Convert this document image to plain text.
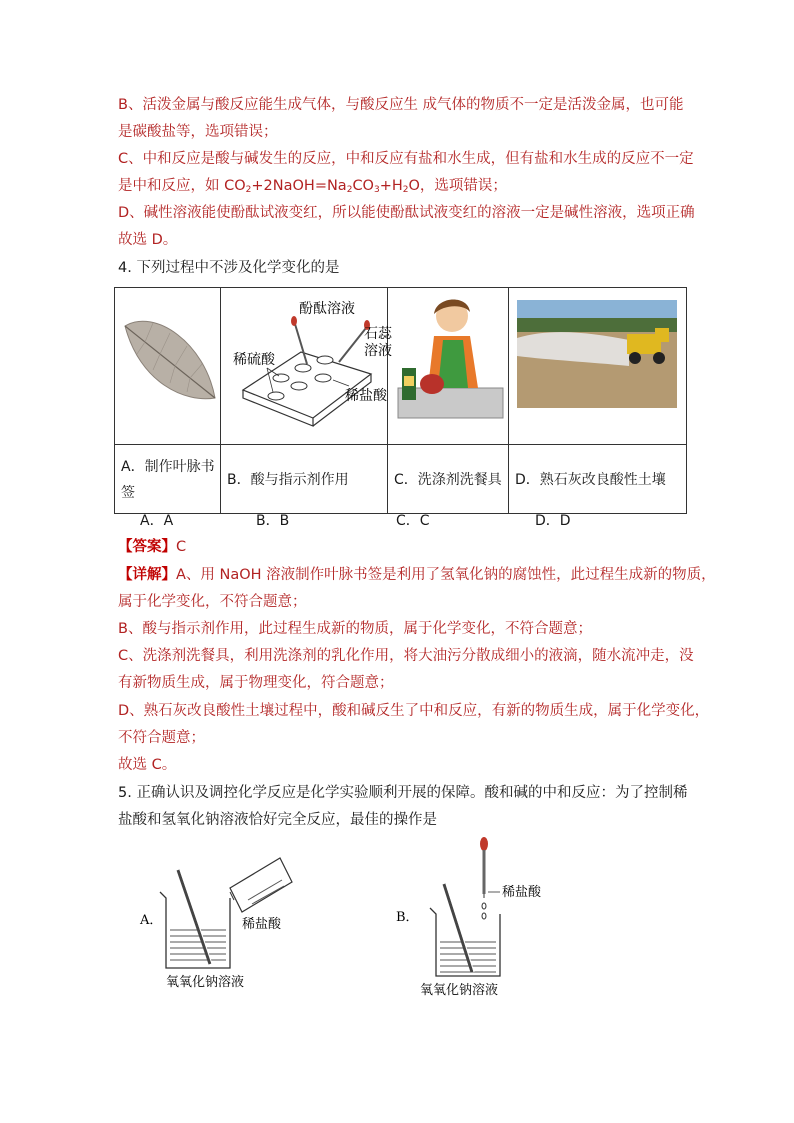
B、活泼金属与酸反应能生成气体，与酸反应生 成气体的物质不一定是活泼金属，也可能
是碳酸盐等，选项错误；
C、中和反应是酸与碱发生的反应，中和反应有盐和水生成，但有盐和水生成的反应不一定
是中和反应，如 $CO_2+2NaOH=Na_2CO_3+H_2O$，选项错误；
D、碱性溶液能使酚酞试液变红，所以能使酚酞试液变红的溶液一定是碱性溶液，选项正确
故选 D。
4. 下列过程中不涉及化学变化的是

酚酞溶液
石蕊
溶液
稀硫酸
稀盐酸

A．制作叶脉书
签	B．酸与指示剂作用	C．洗涤剂洗餐具	D．熟石灰改良酸性土壤
A．A	B．B	C．C	D．D
【答案】C
【详解】A、用 NaOH 溶液制作叶脉书签是利用了氢氧化钠的腐蚀性，此过程生成新的物质，
属于化学变化，不符合题意；
B、酸与指示剂作用，此过程生成新的物质，属于化学变化，不符合题意；
C、洗涤剂洗餐具，利用洗涤剂的乳化作用，将大油污分散成细小的液滴，随水流冲走，没
有新物质生成，属于物理变化，符合题意；
D、熟石灰改良酸性土壤过程中，酸和碱反生了中和反应，有新的物质生成，属于化学变化，
不符合题意；
故选 C。
5. 正确认识及调控化学反应是化学实验顺利开展的保障。酸和碱的中和反应：为了控制稀
盐酸和氢氧化钠溶液恰好完全反应，最佳的操作是
A．	稀盐酸
氧氧化钠溶液
B．
稀盐酸
氧氧化钠溶液
